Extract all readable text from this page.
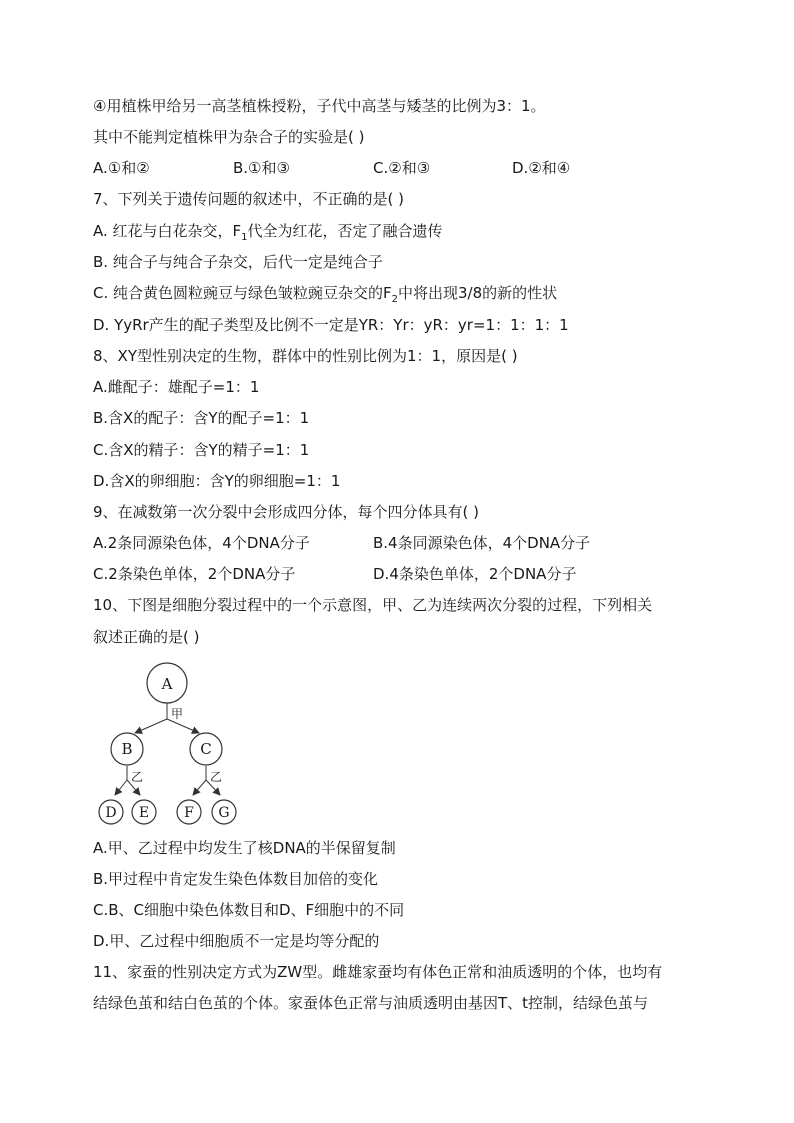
④用植株甲给另一高茎植株授粉，子代中高茎与矮茎的比例为3：1。
其中不能判定植株甲为杂合子的实验是( )
A.①和②	B.①和③	C.②和③	D.②和④
7、下列关于遗传问题的叙述中，不正确的是( )
A. 红花与白花杂交，$F_1$代全为红花，否定了融合遗传
B. 纯合子与纯合子杂交，后代一定是纯合子
C. 纯合黄色圆粒豌豆与绿色皱粒豌豆杂交的$F_2$中将出现3/8的新的性状
D. YyRr产生的配子类型及比例不一定是YR：Yr：yR：yr=1：1：1：1
8、XY型性别决定的生物，群体中的性别比例为1：1，原因是( )
A.雌配子：雄配子=1：1
B.含X的配子：含Y的配子=1：1
C.含X的精子：含Y的精子=1：1
D.含X的卵细胞：含Y的卵细胞=1：1
9、在减数第一次分裂中会形成四分体，每个四分体具有( )
A.2条同源染色体，4个DNA分子	B.4条同源染色体，4个DNA分子
C.2条染色单体，2个DNA分子	D.4条染色单体，2个DNA分子
10、下图是细胞分裂过程中的一个示意图，甲、乙为连续两次分裂的过程，下列相关
叙述正确的是( )
A
B	C
D E	F G
甲
乙	乙
A.甲、乙过程中均发生了核DNA的半保留复制
B.甲过程中肯定发生染色体数目加倍的变化
C.B、C细胞中染色体数目和D、F细胞中的不同
D.甲、乙过程中细胞质不一定是均等分配的
11、家蚕的性别决定方式为ZW型。雌雄家蚕均有体色正常和油质透明的个体，也均有
结绿色茧和结白色茧的个体。家蚕体色正常与油质透明由基因T、t控制，结绿色茧与
